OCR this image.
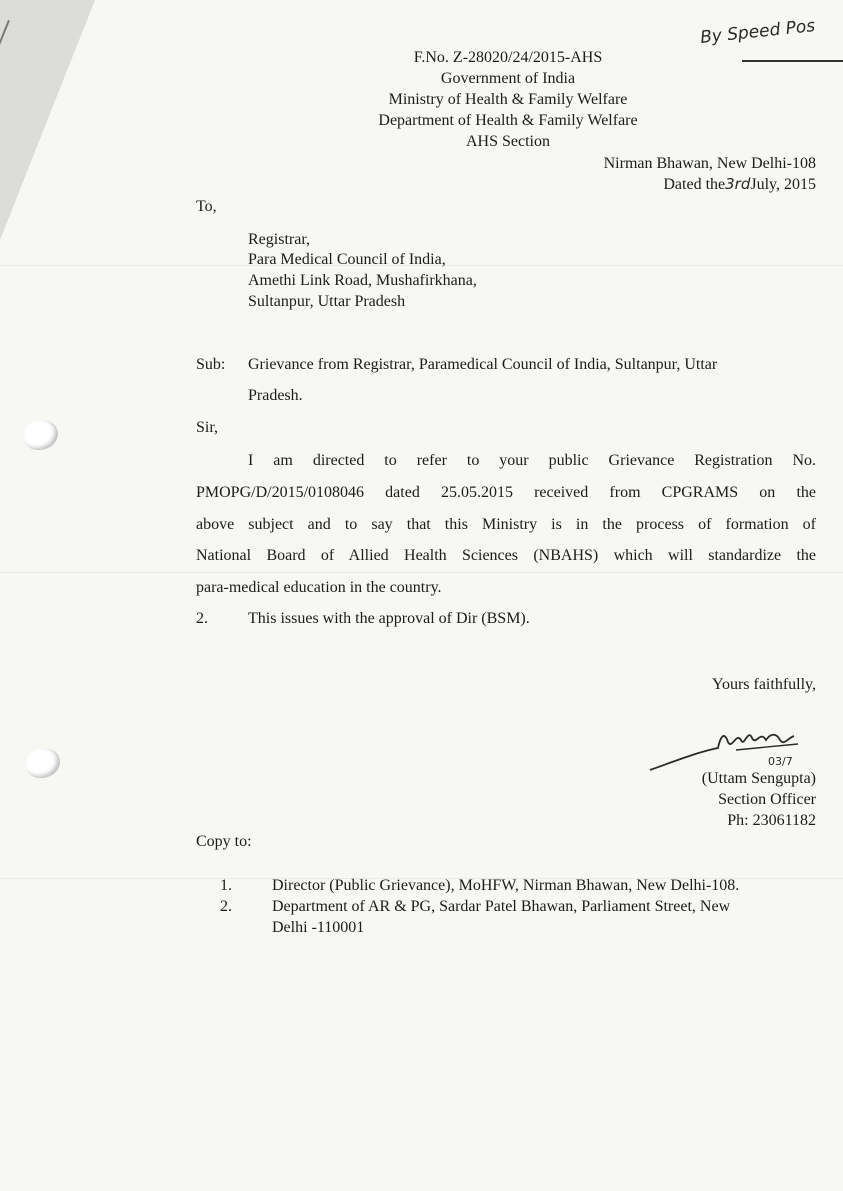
By Speed Pos
F.No. Z-28020/24/2015-AHS
Government of India
Ministry of Health & Family Welfare
Department of Health & Family Welfare
AHS Section
Nirman Bhawan, New Delhi-108
Dated the3rdJuly, 2015
To,
Registrar,
Para Medical Council of India,
Amethi Link Road, Mushafirkhana,
Sultanpur, Uttar Pradesh
Sub: Grievance from Registrar, Paramedical Council of India, Sultanpur, Uttar
Pradesh.
Sir,
I am directed to refer to your public Grievance Registration No.
PMOPG/D/2015/0108046 dated 25.05.2015 received from CPGRAMS on the
above subject and to say that this Ministry is in the process of formation of
National Board of Allied Health Sciences (NBAHS) which will standardize the
para-medical education in the country.
2.	This issues with the approval of Dir (BSM).
Yours faithfully,
03/7
(Uttam Sengupta)
Section Officer
Ph: 23061182
Copy to:
1.	Director (Public Grievance), MoHFW, Nirman Bhawan, New Delhi-108.
2.	Department of AR & PG, Sardar Patel Bhawan, Parliament Street, New
Delhi -110001
